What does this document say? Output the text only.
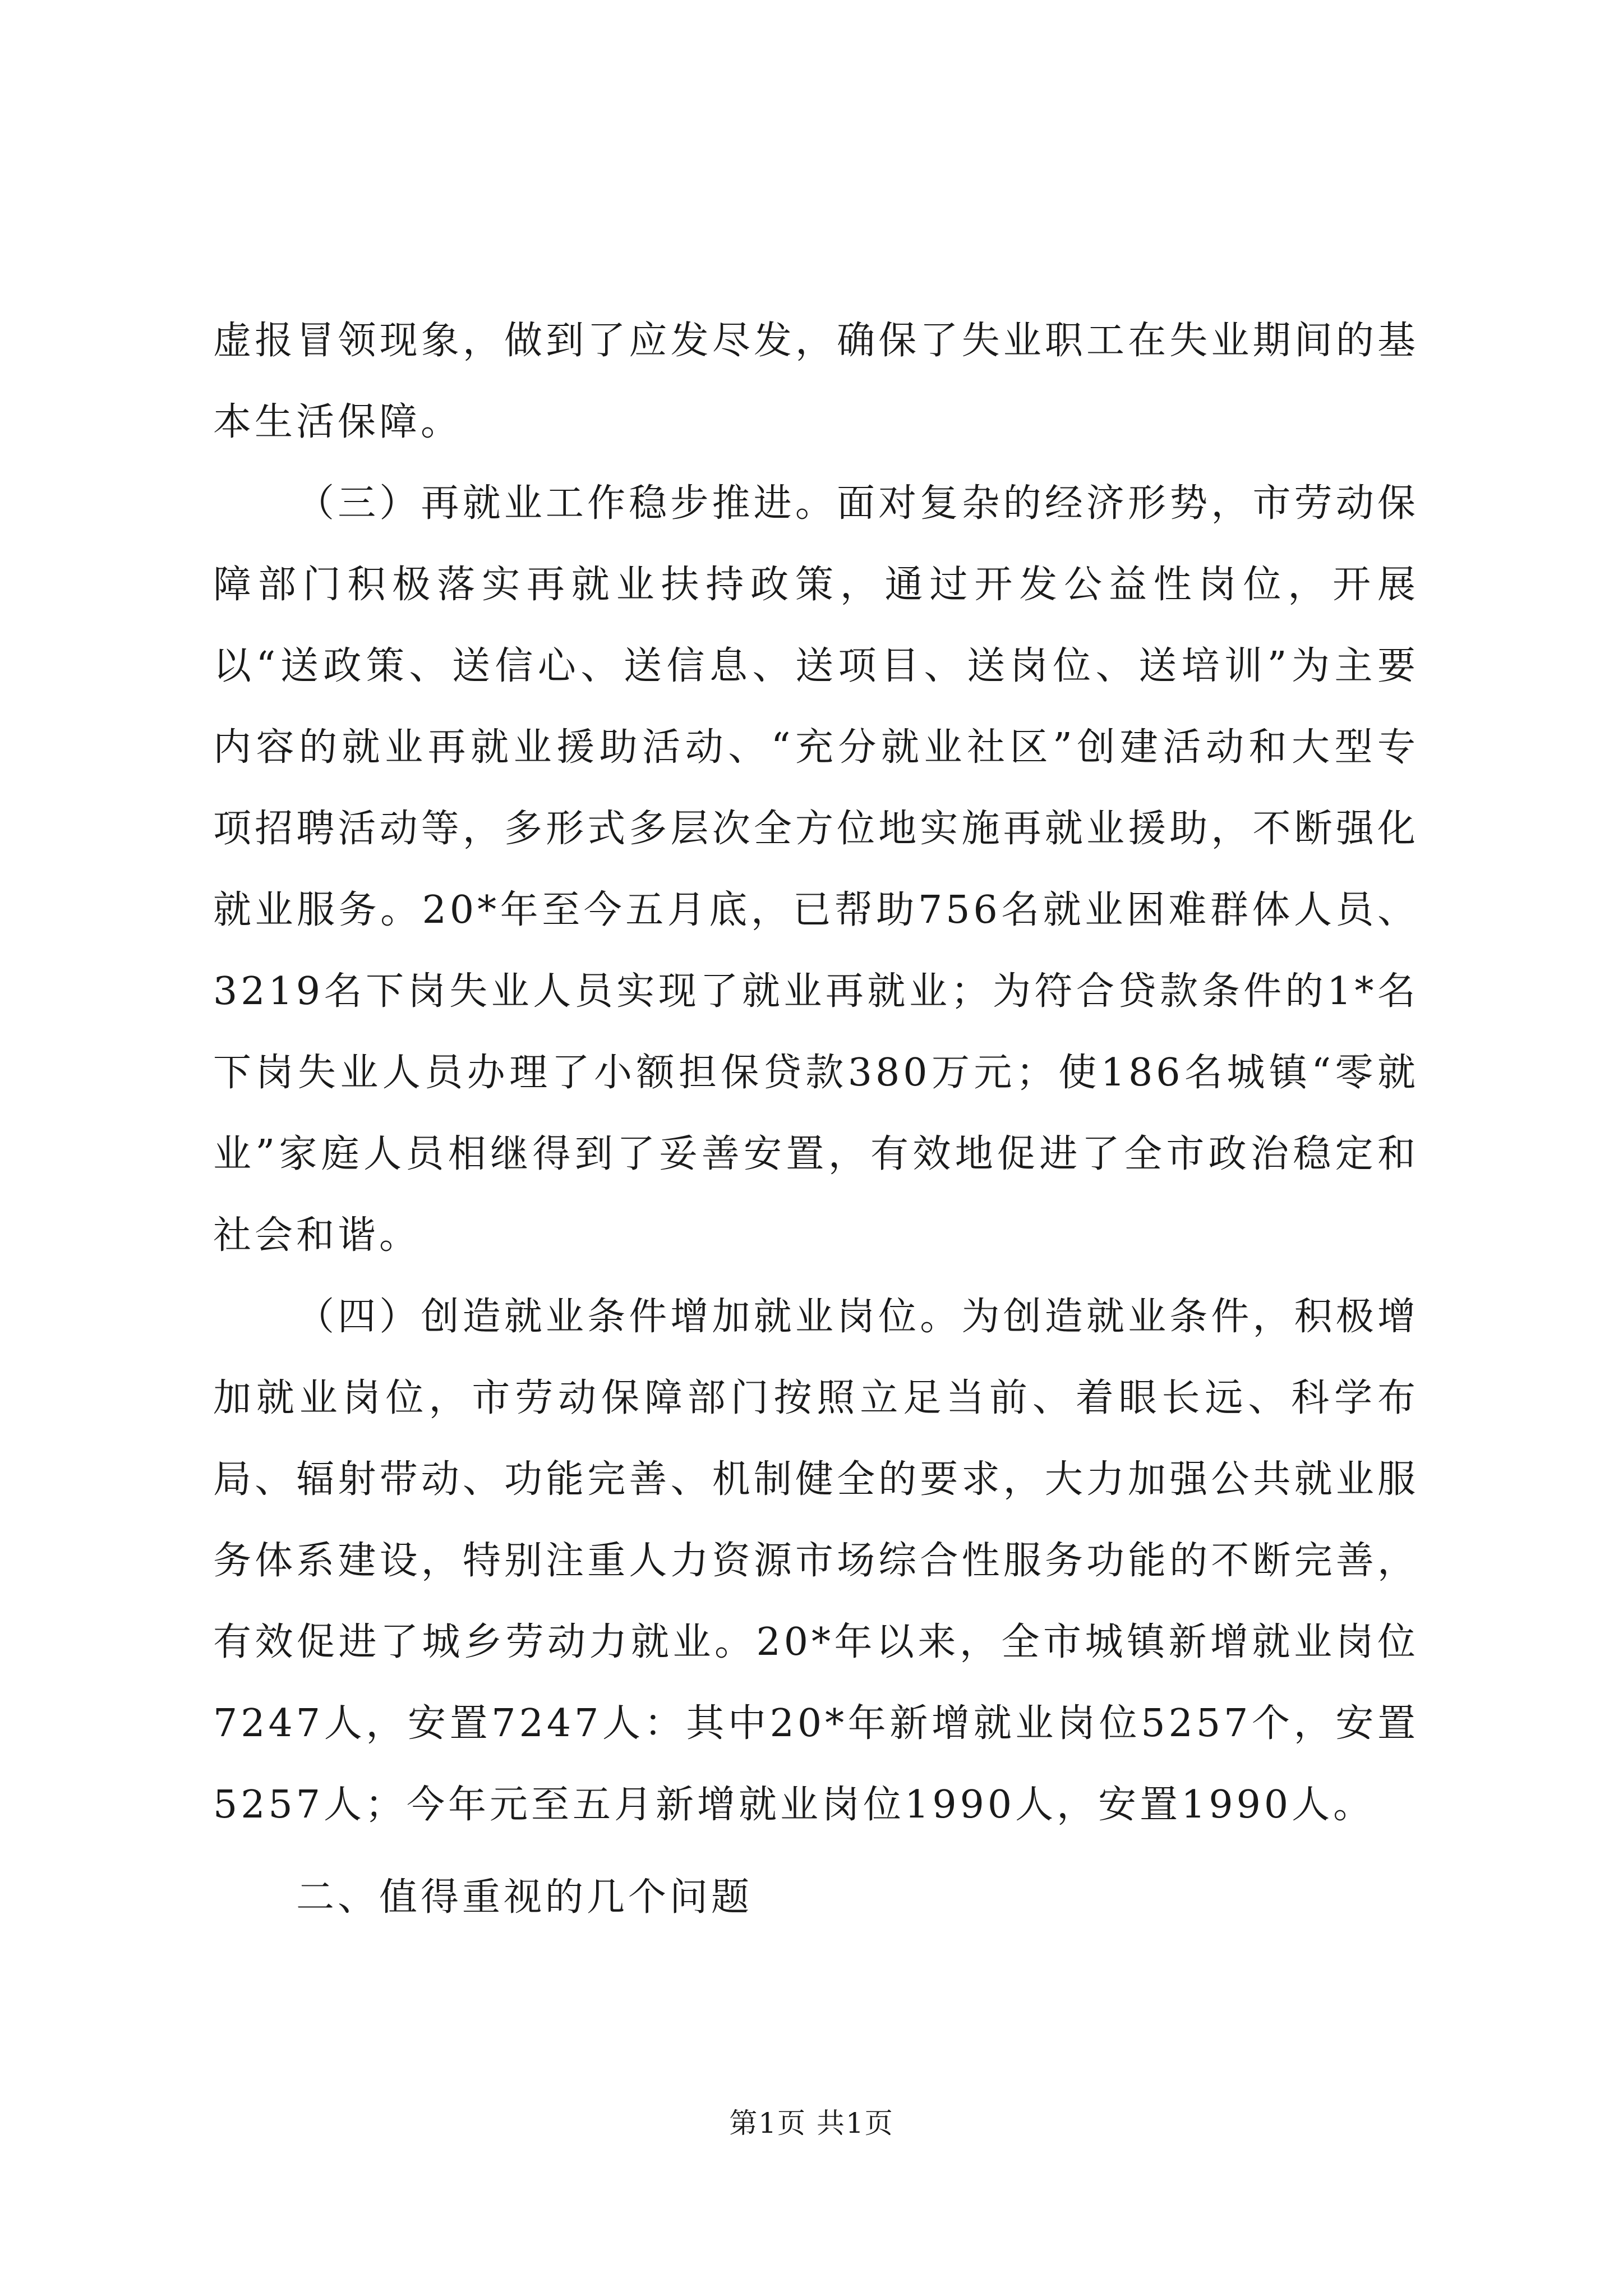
虚报冒领现象，做到了应发尽发，确保了失业职工在失业期间的基本生活保障。

（三）再就业工作稳步推进。面对复杂的经济形势，市劳动保障部门积极落实再就业扶持政策，通过开发公益性岗位，开展以“送政策、送信心、送信息、送项目、送岗位、送培训”为主要内容的就业再就业援助活动、“充分就业社区”创建活动和大型专项招聘活动等，多形式多层次全方位地实施再就业援助，不断强化就业服务。20*年至今五月底，已帮助756名就业困难群体人员、3219名下岗失业人员实现了就业再就业；为符合贷款条件的1*名下岗失业人员办理了小额担保贷款380万元；使186名城镇“零就业”家庭人员相继得到了妥善安置，有效地促进了全市政治稳定和社会和谐。

（四）创造就业条件增加就业岗位。为创造就业条件，积极增加就业岗位，市劳动保障部门按照立足当前、着眼长远、科学布局、辐射带动、功能完善、机制健全的要求，大力加强公共就业服务体系建设，特别注重人力资源市场综合性服务功能的不断完善，有效促进了城乡劳动力就业。20*年以来，全市城镇新增就业岗位7247人，安置7247人：其中20*年新增就业岗位5257个，安置5257人；今年元至五月新增就业岗位1990人，安置1990人。

二、值得重视的几个问题

第1页 共1页
